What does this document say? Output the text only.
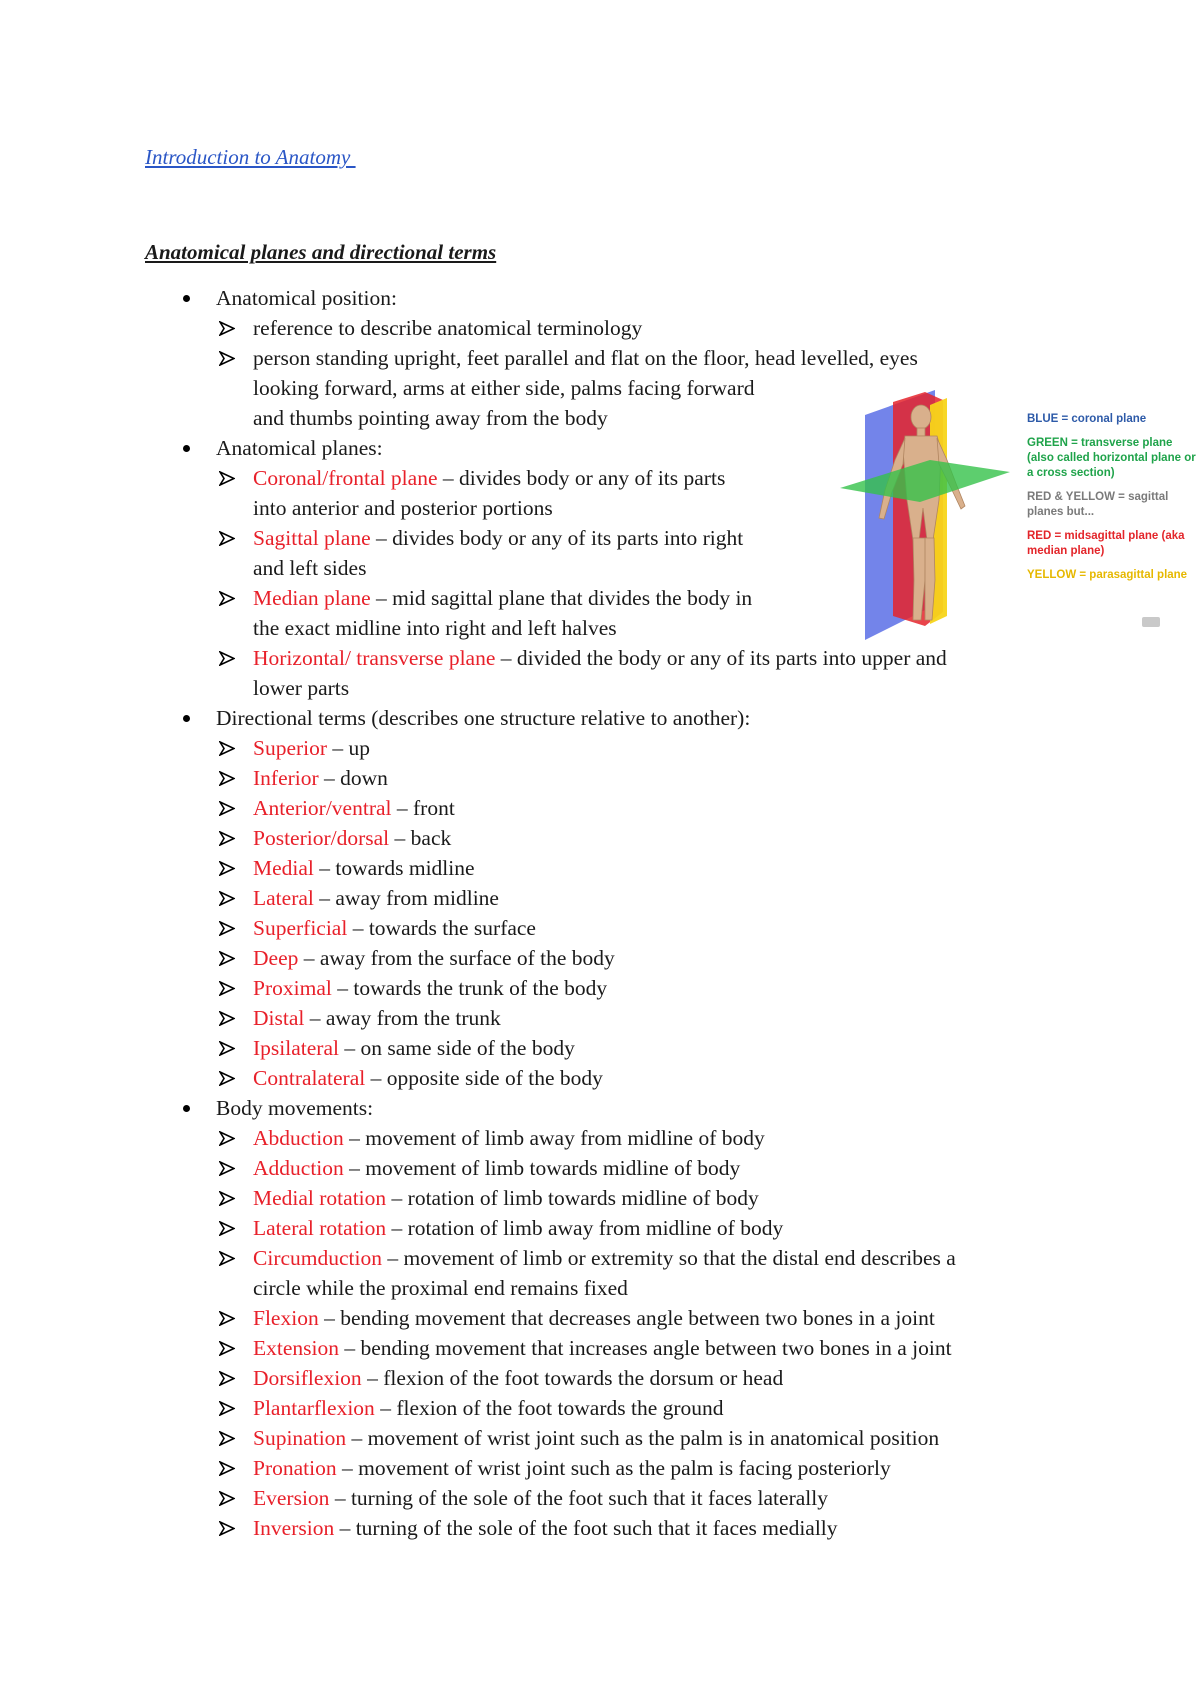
Introduction to Anatomy
Anatomical planes and directional terms
Anatomical position:
reference to describe anatomical terminology
person standing upright, feet parallel and flat on the floor, head levelled, eyes
looking forward, arms at either side, palms facing forward
and thumbs pointing away from the body
Anatomical planes:
Coronal/frontal plane – divides body or any of its parts
into anterior and posterior portions
Sagittal plane – divides body or any of its parts into right
and left sides
Median plane – mid sagittal plane that divides the body in
the exact midline into right and left halves
Horizontal/ transverse plane – divided the body or any of its parts into upper and
lower parts
Directional terms (describes one structure relative to another):
Superior – up
Inferior – down
Anterior/ventral – front
Posterior/dorsal – back
Medial – towards midline
Lateral – away from midline
Superficial – towards the surface
Deep – away from the surface of the body
Proximal – towards the trunk of the body
Distal – away from the trunk
Ipsilateral – on same side of the body
Contralateral – opposite side of the body
Body movements:
Abduction – movement of limb away from midline of body
Adduction – movement of limb towards midline of body
Medial rotation – rotation of limb towards midline of body
Lateral rotation – rotation of limb away from midline of body
Circumduction – movement of limb or extremity so that the distal end describes a
circle while the proximal end remains fixed
Flexion – bending movement that decreases angle between two bones in a joint
Extension – bending movement that increases angle between two bones in a joint
Dorsiflexion – flexion of the foot towards the dorsum or head
Plantarflexion – flexion of the foot towards the ground
Supination – movement of wrist joint such as the palm is in anatomical position
Pronation – movement of wrist joint such as the palm is facing posteriorly
Eversion – turning of the sole of the foot such that it faces laterally
Inversion – turning of the sole of the foot such that it faces medially
BLUE = coronal plane
GREEN = transverse plane (also called horizontal plane or a cross section)
RED & YELLOW = sagittal planes but...
RED = midsagittal plane (aka median plane)
YELLOW = parasagittal plane
